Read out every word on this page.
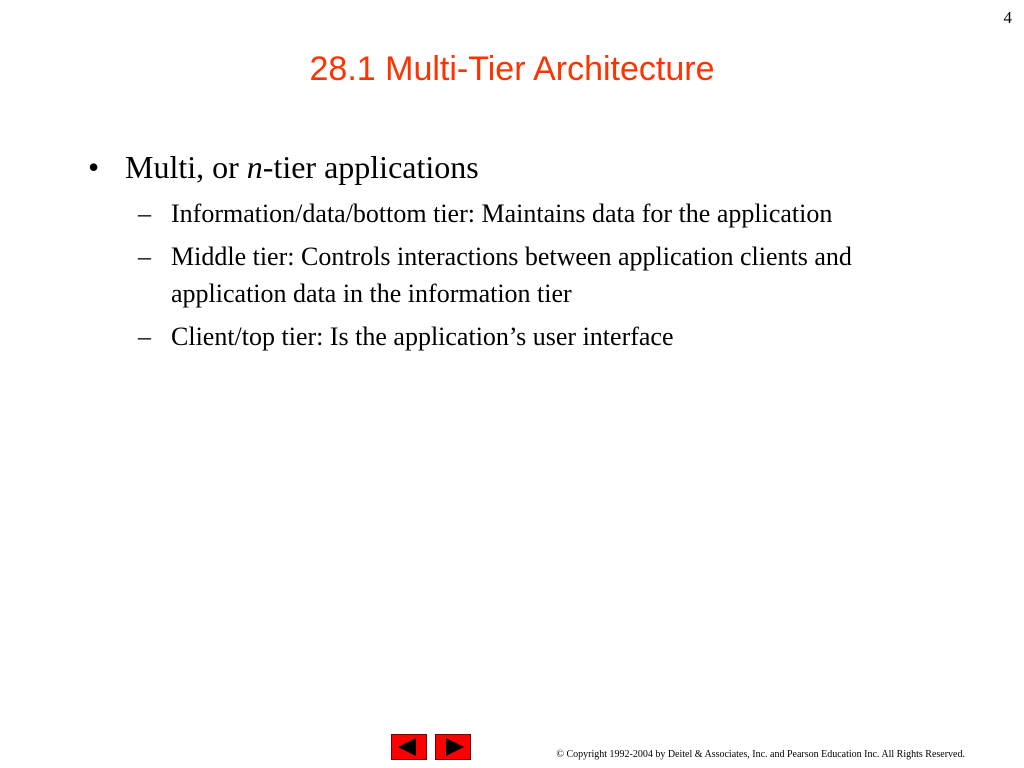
4
28.1 Multi-Tier Architecture
• Multi, or n-tier applications
– Information/data/bottom tier: Maintains data for the application
– Middle tier: Controls interactions between application clients and application data in the information tier
– Client/top tier: Is the application’s user interface
© Copyright 1992-2004 by Deitel & Associates, Inc. and Pearson Education Inc. All Rights Reserved.
